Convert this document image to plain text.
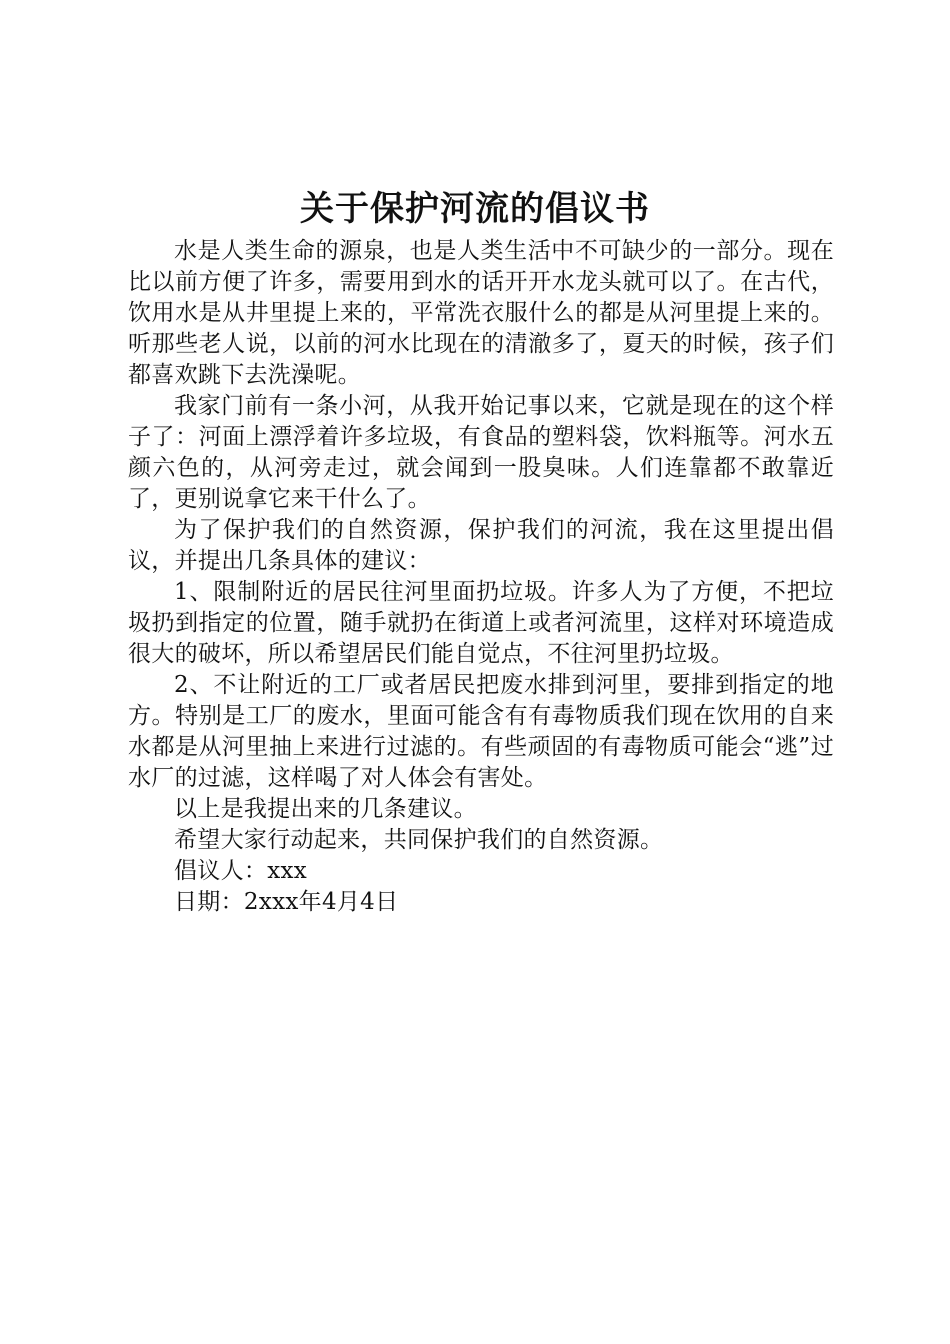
关于保护河流的倡议书

水是人类生命的源泉，也是人类生活中不可缺少的一部分。现在比以前方便了许多，需要用到水的话开开水龙头就可以了。在古代，饮用水是从井里提上来的，平常洗衣服什么的都是从河里提上来的。听那些老人说，以前的河水比现在的清澈多了，夏天的时候，孩子们都喜欢跳下去洗澡呢。

我家门前有一条小河，从我开始记事以来，它就是现在的这个样子了：河面上漂浮着许多垃圾，有食品的塑料袋，饮料瓶等。河水五颜六色的，从河旁走过，就会闻到一股臭味。人们连靠都不敢靠近了，更别说拿它来干什么了。

为了保护我们的自然资源，保护我们的河流，我在这里提出倡议，并提出几条具体的建议：

1、限制附近的居民往河里面扔垃圾。许多人为了方便，不把垃圾扔到指定的位置，随手就扔在街道上或者河流里，这样对环境造成很大的破坏，所以希望居民们能自觉点，不往河里扔垃圾。

2、不让附近的工厂或者居民把废水排到河里，要排到指定的地方。特别是工厂的废水，里面可能含有有毒物质我们现在饮用的自来水都是从河里抽上来进行过滤的。有些顽固的有毒物质可能会“逃”过水厂的过滤，这样喝了对人体会有害处。

以上是我提出来的几条建议。

希望大家行动起来，共同保护我们的自然资源。

倡议人：xxx

日期：2xxx年4月4日
